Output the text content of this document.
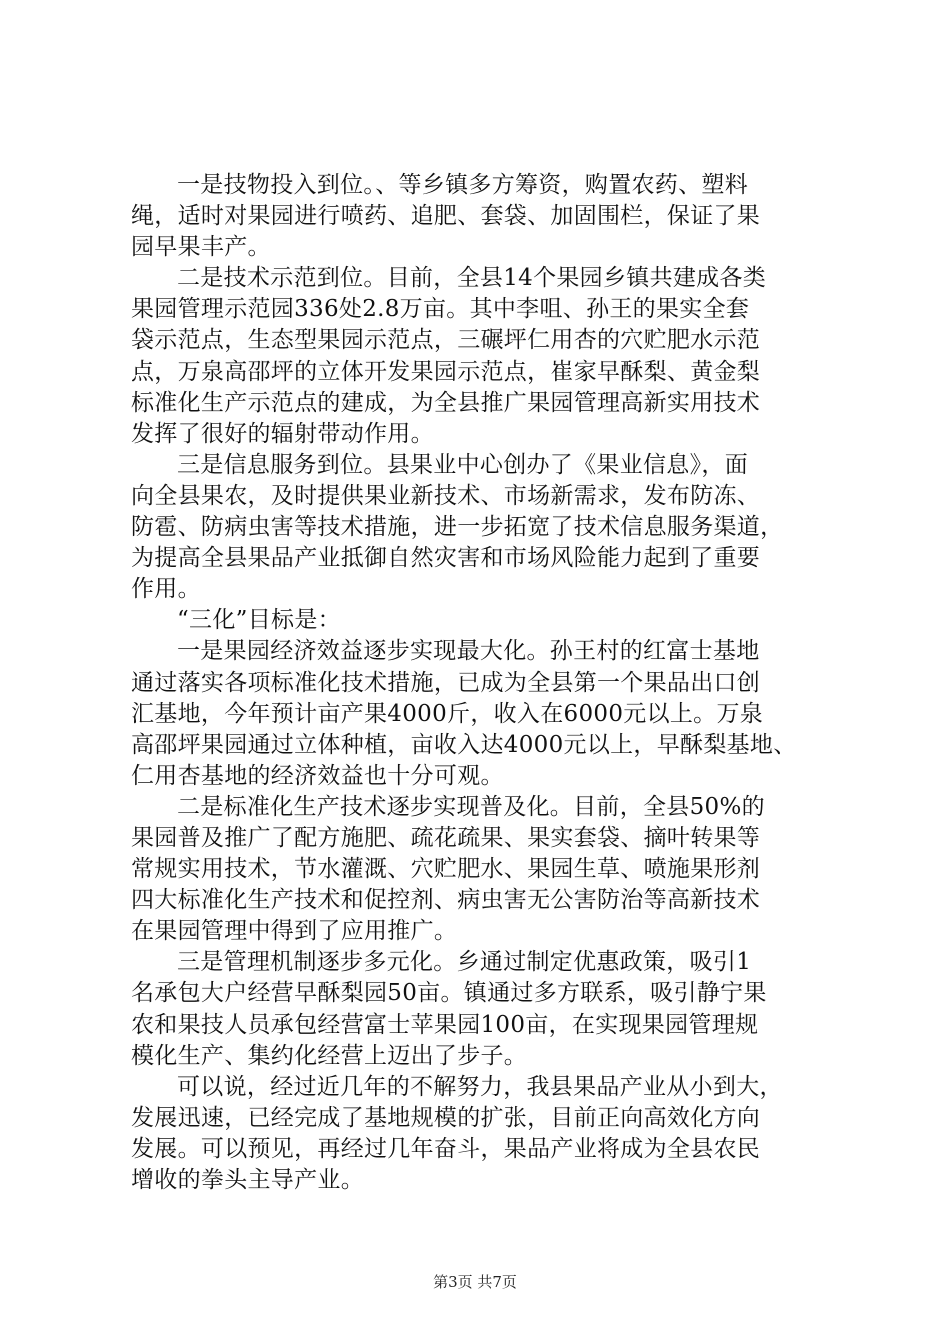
一是技物投入到位。、等乡镇多方筹资，购置农药、塑料
绳，适时对果园进行喷药、追肥、套袋、加固围栏，保证了果
园早果丰产。

二是技术示范到位。目前，全县14个果园乡镇共建成各类
果园管理示范园336处2.8万亩。其中李咀、孙王的果实全套
袋示范点，生态型果园示范点，三碾坪仁用杏的穴贮肥水示范
点，万泉高邵坪的立体开发果园示范点，崔家早酥梨、黄金梨
标准化生产示范点的建成，为全县推广果园管理高新实用技术
发挥了很好的辐射带动作用。

三是信息服务到位。县果业中心创办了《果业信息》，面
向全县果农，及时提供果业新技术、市场新需求，发布防冻、
防雹、防病虫害等技术措施，进一步拓宽了技术信息服务渠道，
为提高全县果品产业抵御自然灾害和市场风险能力起到了重要
作用。

“三化”目标是：

一是果园经济效益逐步实现最大化。孙王村的红富士基地
通过落实各项标准化技术措施，已成为全县第一个果品出口创
汇基地，今年预计亩产果4000斤，收入在6000元以上。万泉
高邵坪果园通过立体种植，亩收入达4000元以上，早酥梨基地、
仁用杏基地的经济效益也十分可观。

二是标准化生产技术逐步实现普及化。目前，全县50%的
果园普及推广了配方施肥、疏花疏果、果实套袋、摘叶转果等
常规实用技术，节水灌溉、穴贮肥水、果园生草、喷施果形剂
四大标准化生产技术和促控剂、病虫害无公害防治等高新技术
在果园管理中得到了应用推广。

三是管理机制逐步多元化。乡通过制定优惠政策，吸引1
名承包大户经营早酥梨园50亩。镇通过多方联系，吸引静宁果
农和果技人员承包经营富士苹果园100亩，在实现果园管理规
模化生产、集约化经营上迈出了步子。

可以说，经过近几年的不解努力，我县果品产业从小到大，
发展迅速，已经完成了基地规模的扩张，目前正向高效化方向
发展。可以预见，再经过几年奋斗，果品产业将成为全县农民
增收的拳头主导产业。

第3页 共7页
